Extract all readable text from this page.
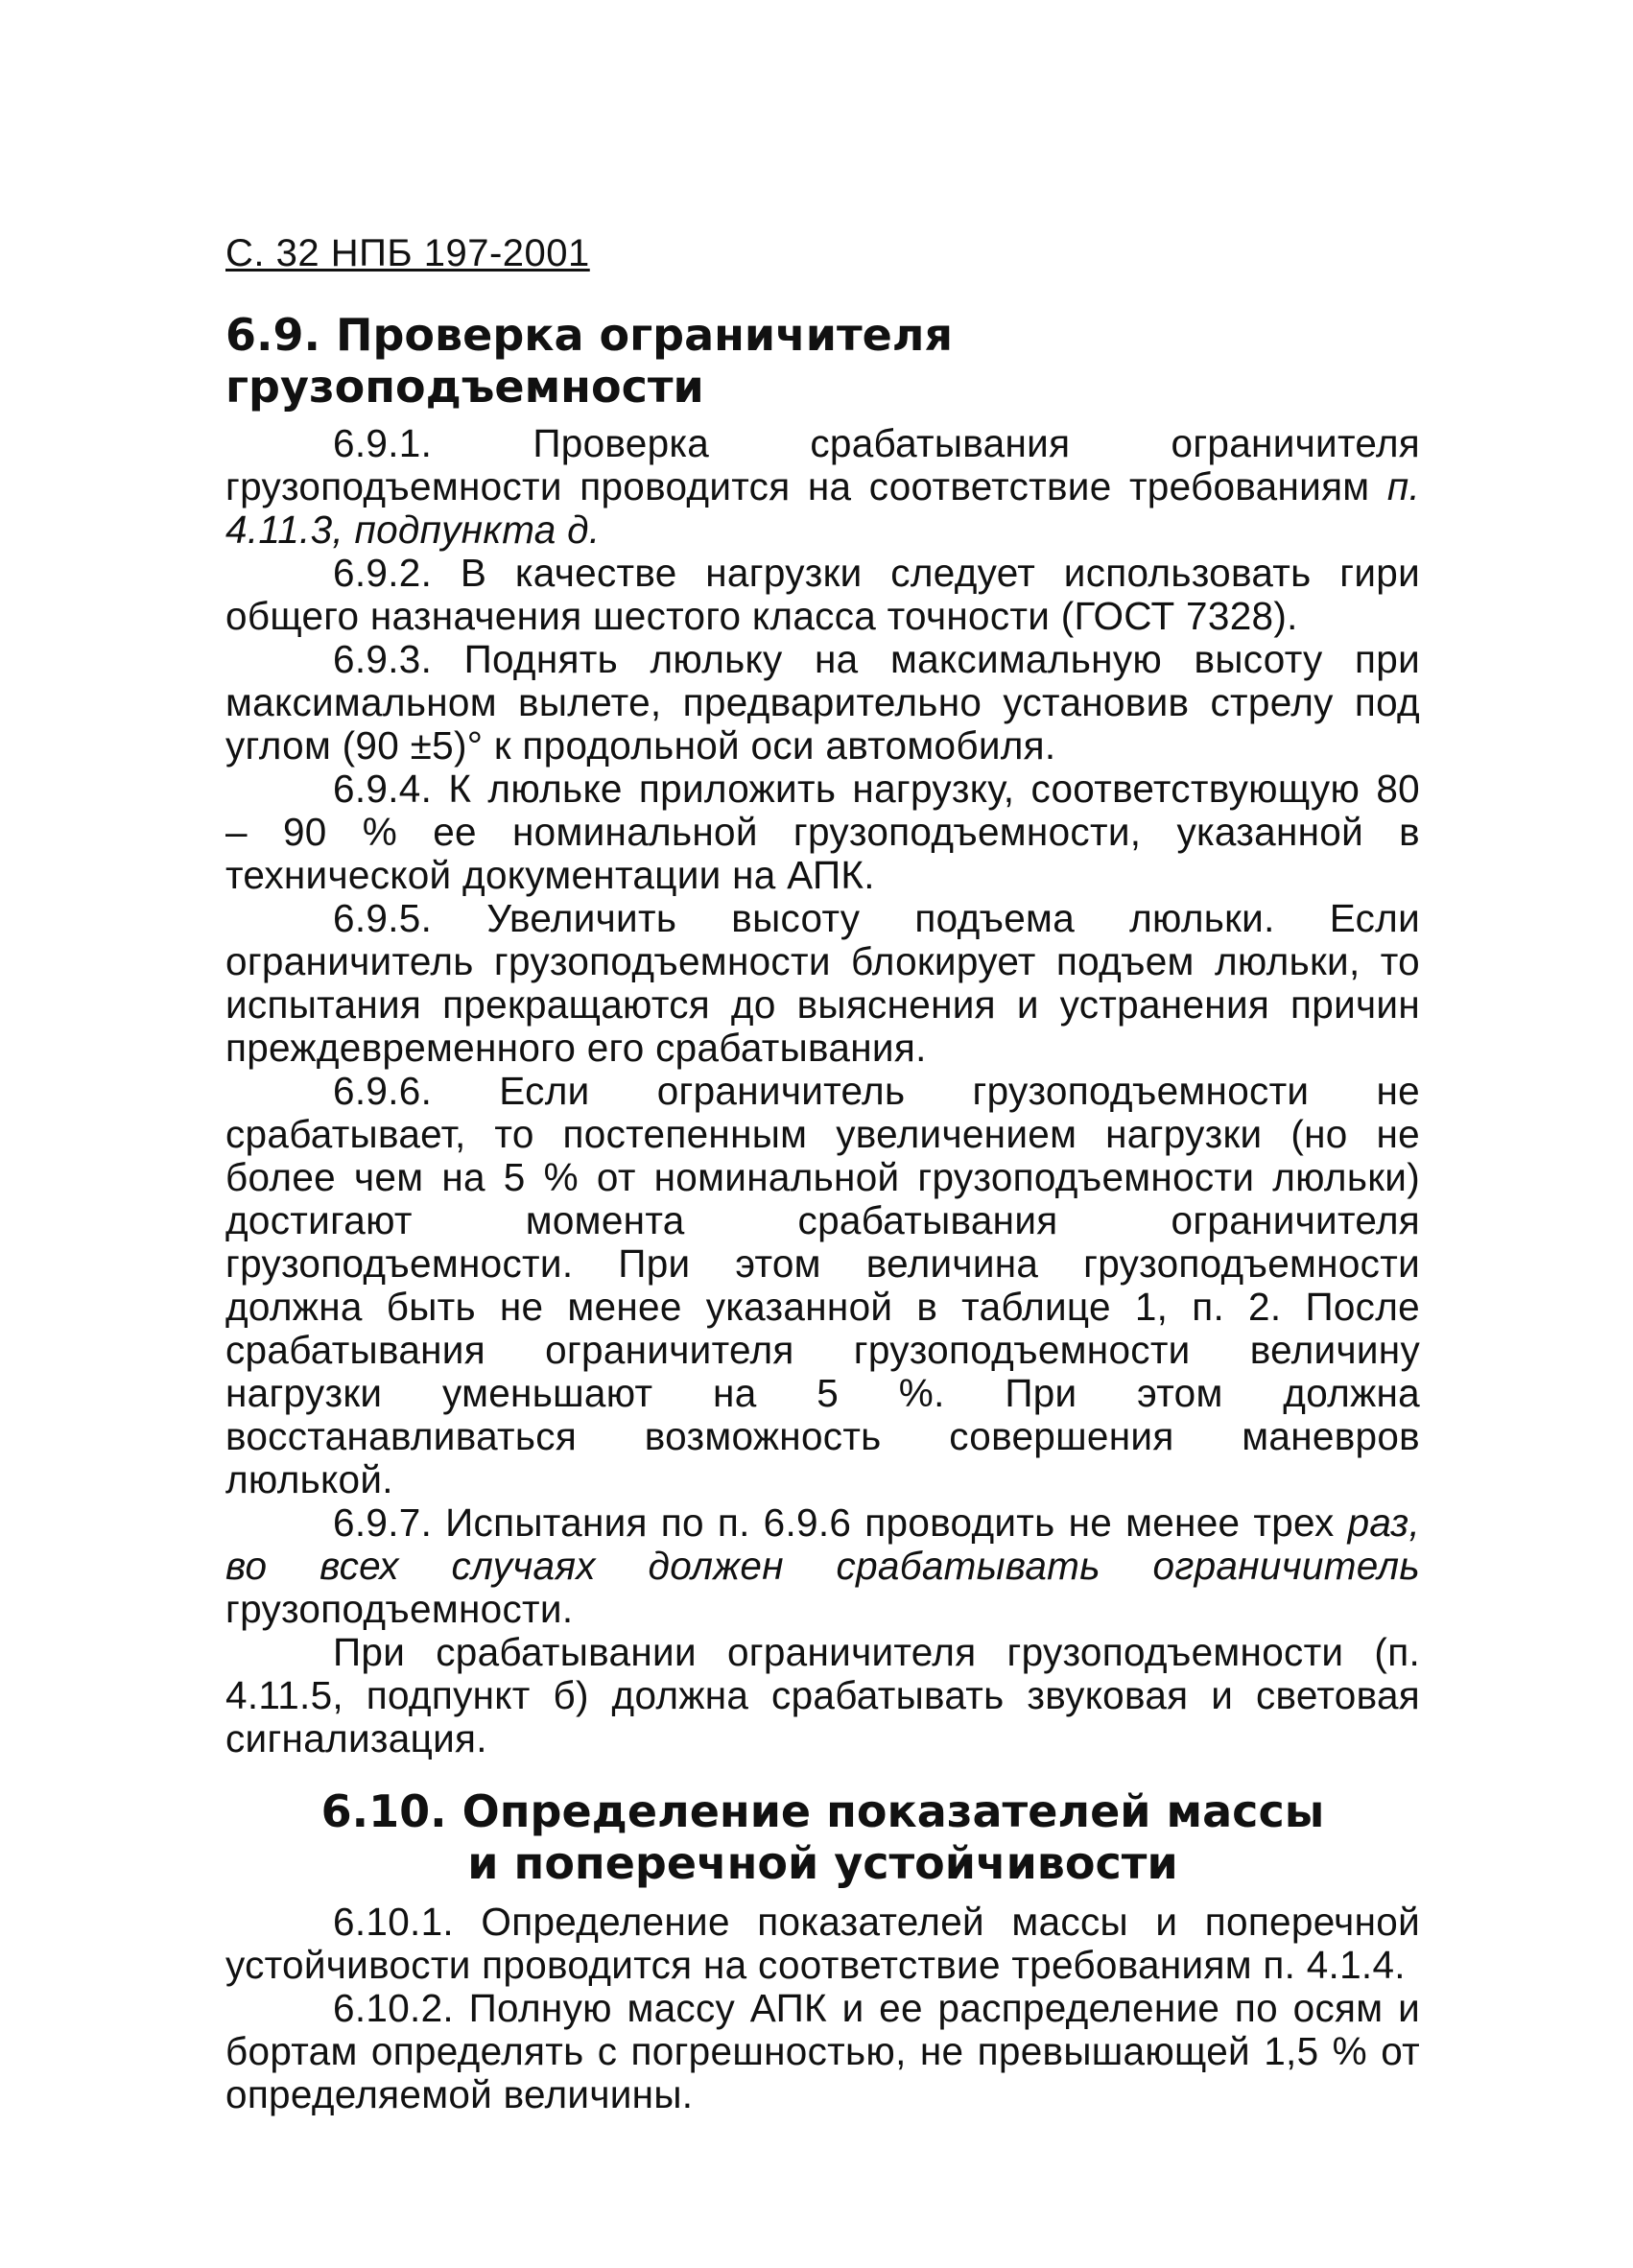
С. 32 НПБ 197-2001
6.9. Проверка ограничителя грузоподъемности

6.9.1. Проверка срабатывания ограничителя грузоподъемности проводится на соответствие требованиям п. 4.11.3, подпункта д.

6.9.2. В качестве нагрузки следует использовать гири общего назначения шестого класса точности (ГОСТ 7328).

6.9.3. Поднять люльку на максимальную высоту при максимальном вылете, предварительно установив стрелу под углом (90 ±5)° к продольной оси автомобиля.

6.9.4. К люльке приложить нагрузку, соответствующую 80 – 90 % ее номинальной грузоподъемности, указанной в технической документации на АПК.

6.9.5. Увеличить высоту подъема люльки. Если ограничитель грузоподъемности блокирует подъем люльки, то испытания прекращаются до выяснения и устранения причин преждевременного его срабатывания.

6.9.6. Если ограничитель грузоподъемности не срабатывает, то постепенным увеличением нагрузки (но не более чем на 5 % от номинальной грузоподъемности люльки) достигают момента срабатывания ограничителя грузоподъемности. При этом величина грузоподъемности должна быть не менее указанной в таблице 1, п. 2. После срабатывания ограничителя грузоподъемности величину нагрузки уменьшают на 5 %. При этом должна восстанавливаться возможность совершения маневров люлькой.

6.9.7. Испытания по п. 6.9.6 проводить не менее трех раз, во всех случаях должен срабатывать ограничитель грузоподъемности.

При срабатывании ограничителя грузоподъемности (п. 4.11.5, подпункт б) должна срабатывать звуковая и световая сигнализация.

6.10. Определение показателей массы
и поперечной устойчивости

6.10.1. Определение показателей массы и поперечной устойчивости проводится на соответствие требованиям п. 4.1.4.

6.10.2. Полную массу АПК и ее распределение по осям и бортам определять с погрешностью, не превышающей 1,5 % от определяемой величины.
